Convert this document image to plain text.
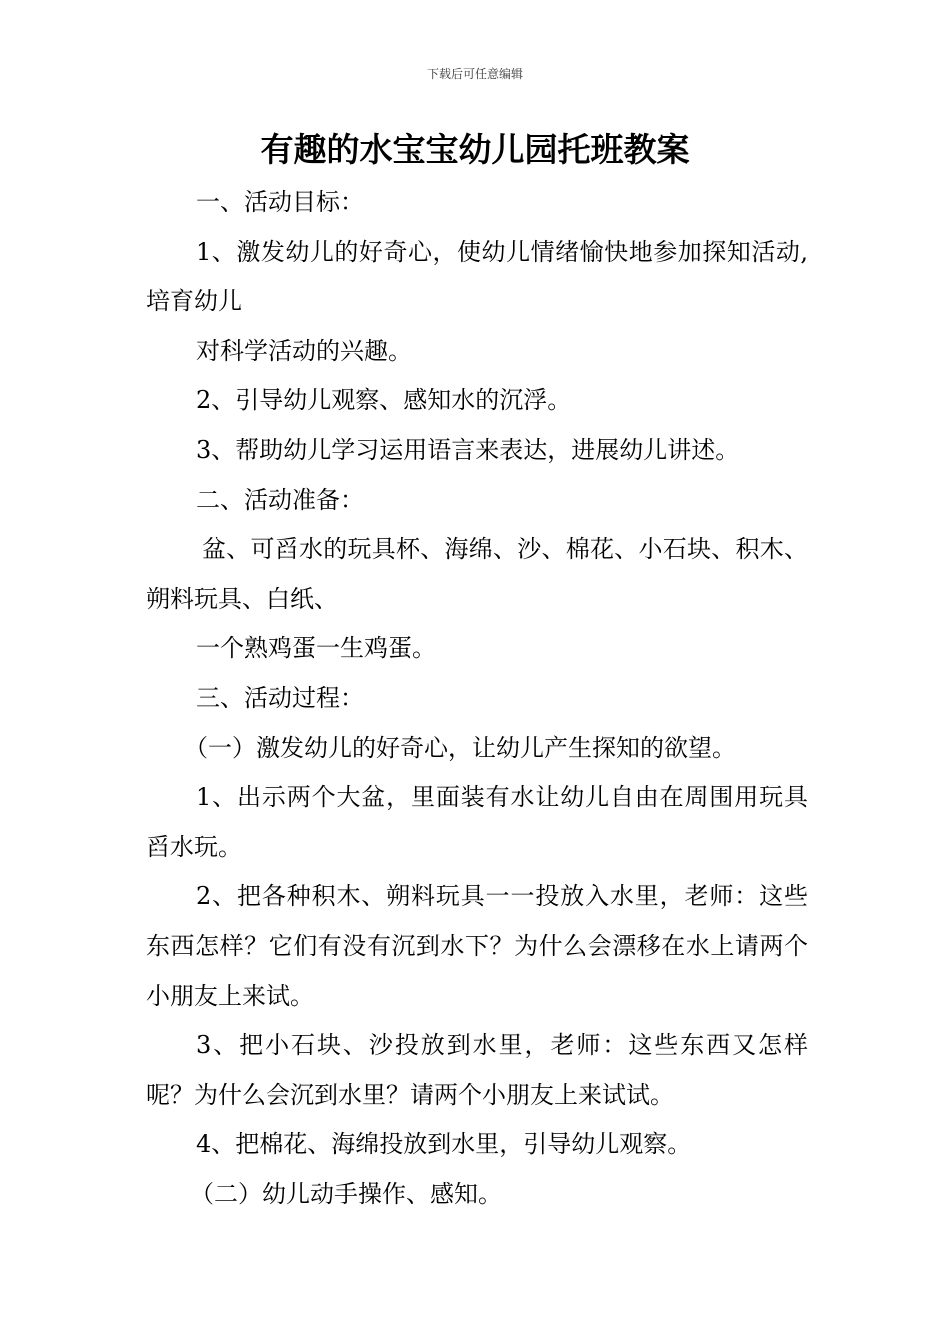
下载后可任意编辑
有趣的水宝宝幼儿园托班教案

一、活动目标：

1、激发幼儿的好奇心，使幼儿情绪愉快地参加探知活动,培育幼儿

对科学活动的兴趣。

2、引导幼儿观察、感知水的沉浮。

3、帮助幼儿学习运用语言来表达，进展幼儿讲述。

二、活动准备：

盆、可舀水的玩具杯、海绵、沙、棉花、小石块、积木、朔料玩具、白纸、

一个熟鸡蛋一生鸡蛋。

三、活动过程：

（一）激发幼儿的好奇心，让幼儿产生探知的欲望。

1、出示两个大盆，里面装有水让幼儿自由在周围用玩具舀水玩。

2、把各种积木、朔料玩具一一投放入水里，老师：这些东西怎样？它们有没有沉到水下？为什么会漂移在水上请两个小朋友上来试。

3、把小石块、沙投放到水里，老师：这些东西又怎样呢？为什么会沉到水里？请两个小朋友上来试试。

4、把棉花、海绵投放到水里，引导幼儿观察。

（二）幼儿动手操作、感知。
